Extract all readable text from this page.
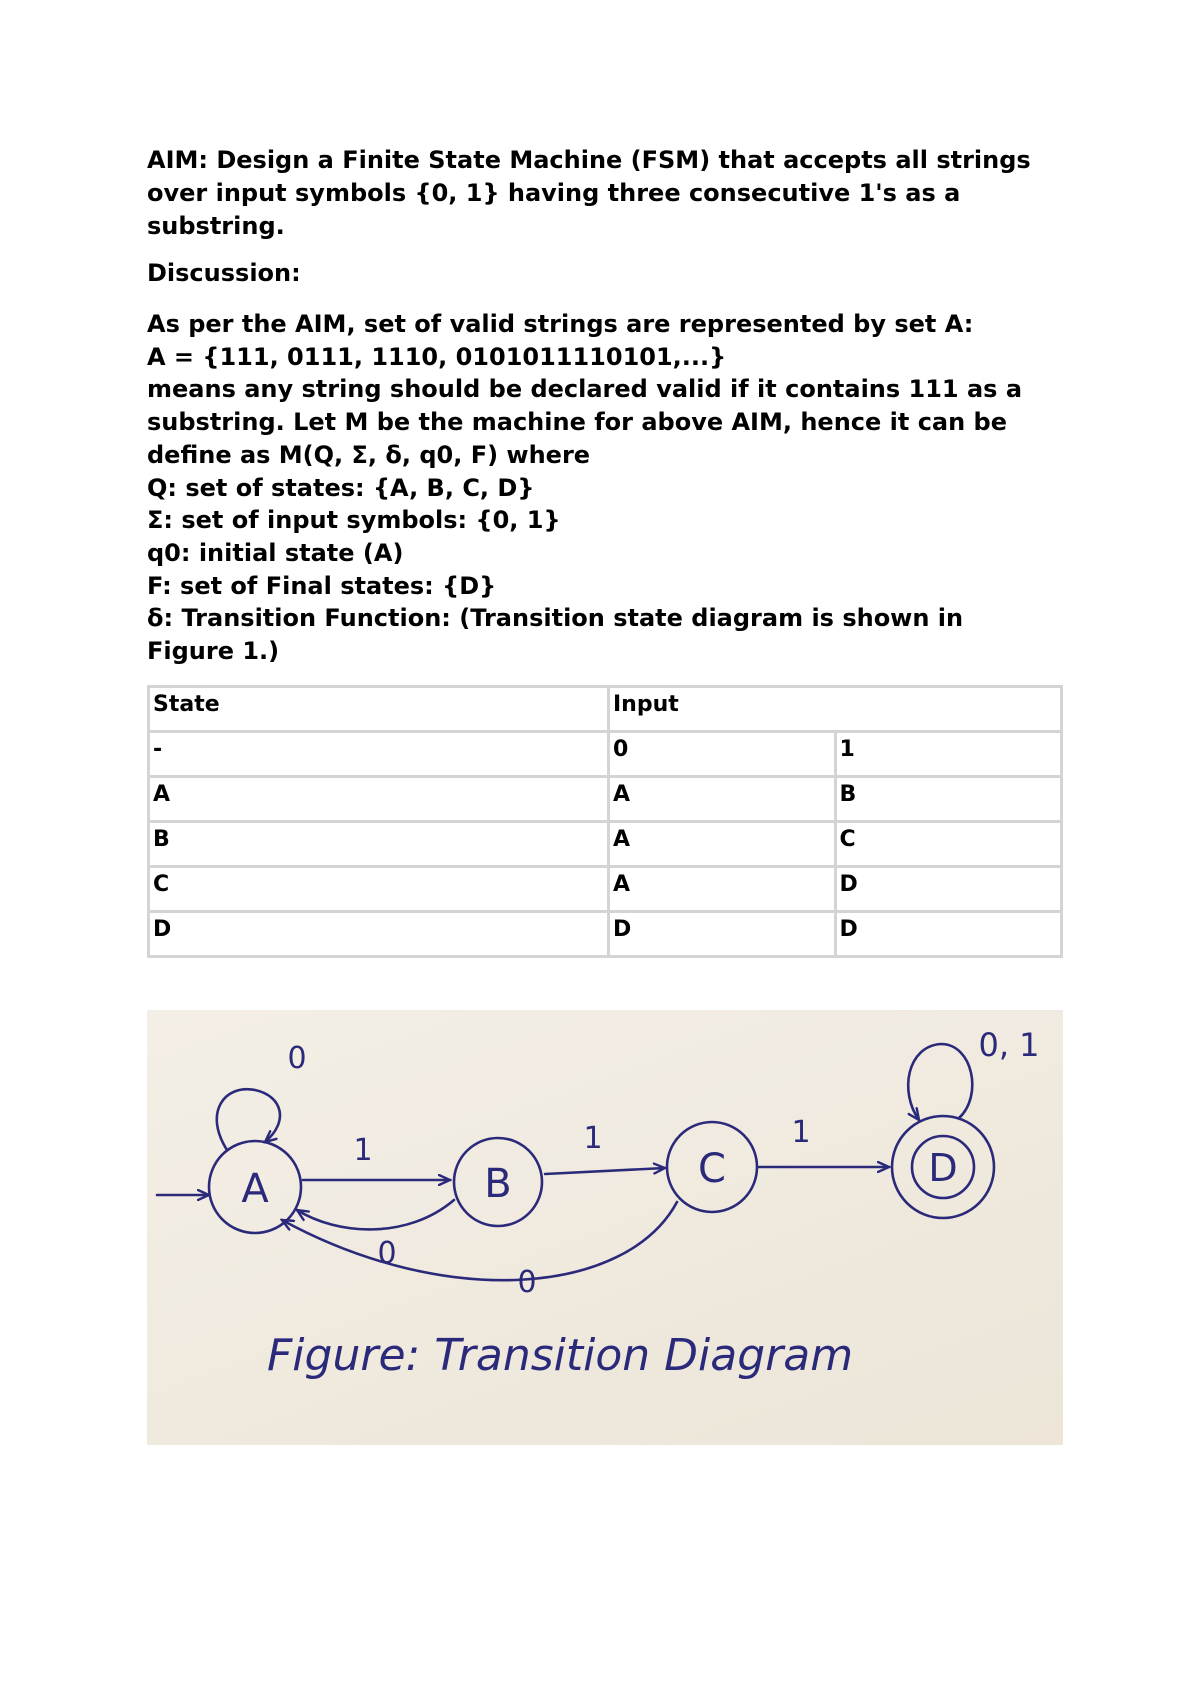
AIM: Design a Finite State Machine (FSM) that accepts all strings over input symbols {0, 1} having three consecutive 1's as a substring.

Discussion:

As per the AIM, set of valid strings are represented by set A:

A = {111, 0111, 1110, 0101011110101,...}

means any string should be declared valid if it contains 111 as a

substring. Let M be the machine for above AIM, hence it can be

define as M(Q, Σ, δ, q0, F) where

Q: set of states: {A, B, C, D}

Σ: set of input symbols: {0, 1}

q0: initial state (A)

F: set of Final states: {D}

δ: Transition Function: (Transition state diagram is shown in

Figure 1.)

State	Input	
-	0	1
A	A	B
B	A	C
C	A	D
D	D	D
A
0
B
1
0
C
1
0
D
1
0, 1
Figure: Transition Diagram
